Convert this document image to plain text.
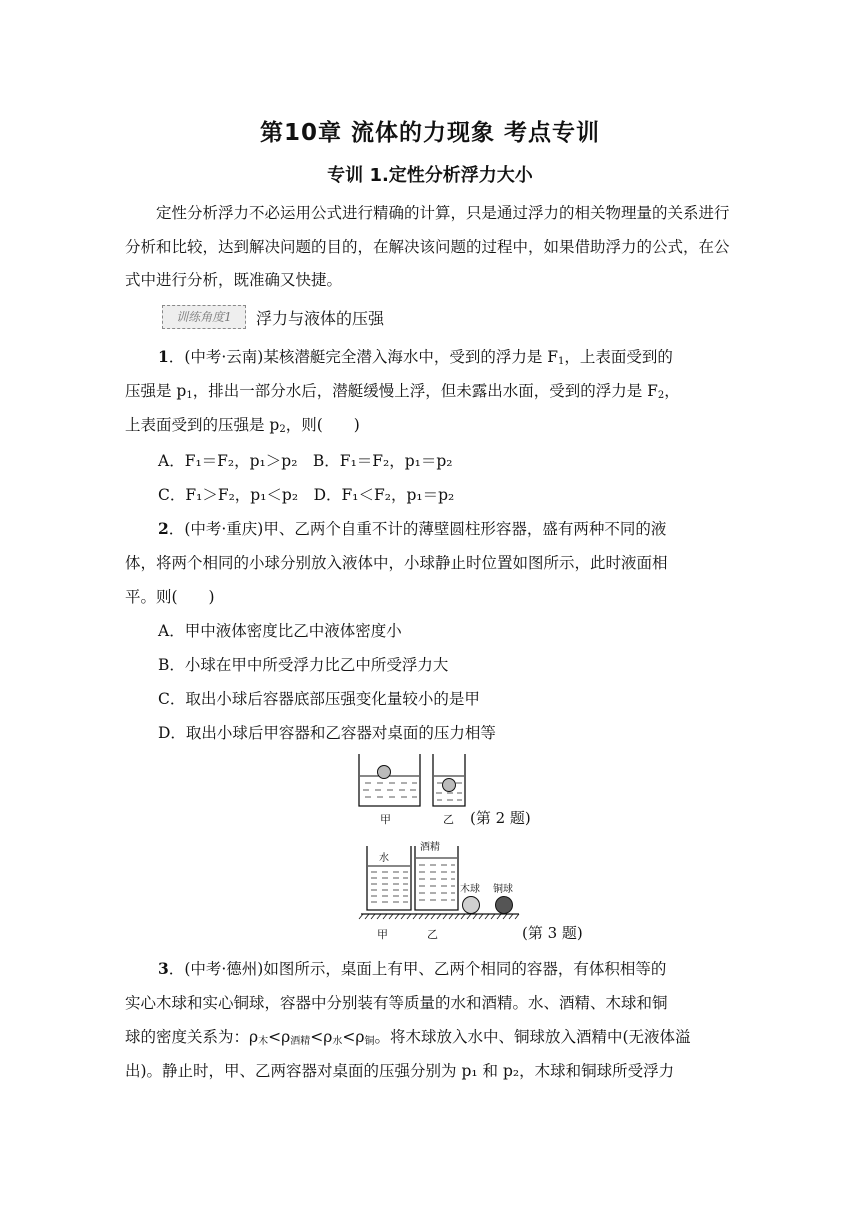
第10章 流体的力现象 考点专训
专训 1.定性分析浮力大小
定性分析浮力不必运用公式进行精确的计算，只是通过浮力的相关物理量的关系进行分析和比较，达到解决问题的目的，在解决该问题的过程中，如果借助浮力的公式，在公式中进行分析，既准确又快捷。
训练角度1	浮力与液体的压强
1．(中考·云南)某核潜艇完全潜入海水中，受到的浮力是 $F_1$，上表面受到的
压强是 $p_1$，排出一部分水后，潜艇缓慢上浮，但未露出水面，受到的浮力是 $F_2$，
上表面受到的压强是 $p_2$，则(　　)
A．F₁＝F₂，p₁＞p₂　 B．F₁＝F₂，p₁＝p₂
C．F₁＞F₂，p₁＜p₂　 D．F₁＜F₂，p₁＝p₂
2．(中考·重庆)甲、乙两个自重不计的薄壁圆柱形容器，盛有两种不同的液
体，将两个相同的小球分别放入液体中，小球静止时位置如图所示，此时液面相
平。则(　　)
A．甲中液体密度比乙中液体密度小
B．小球在甲中所受浮力比乙中所受浮力大
C．取出小球后容器底部压强变化量较小的是甲
D．取出小球后甲容器和乙容器对桌面的压力相等
甲	乙 (第 2 题)
水
酒精
木球 铜球
甲	乙	(第 3 题)
3．(中考·德州)如图所示，桌面上有甲、乙两个相同的容器，有体积相等的
实心木球和实心铜球，容器中分别装有等质量的水和酒精。水、酒精、木球和铜
球的密度关系为：$\rho_木<\rho_{酒精}<\rho_水<\rho_铜$。将木球放入水中、铜球放入酒精中(无液体溢
出)。静止时，甲、乙两容器对桌面的压强分别为 p₁ 和 p₂，木球和铜球所受浮力
